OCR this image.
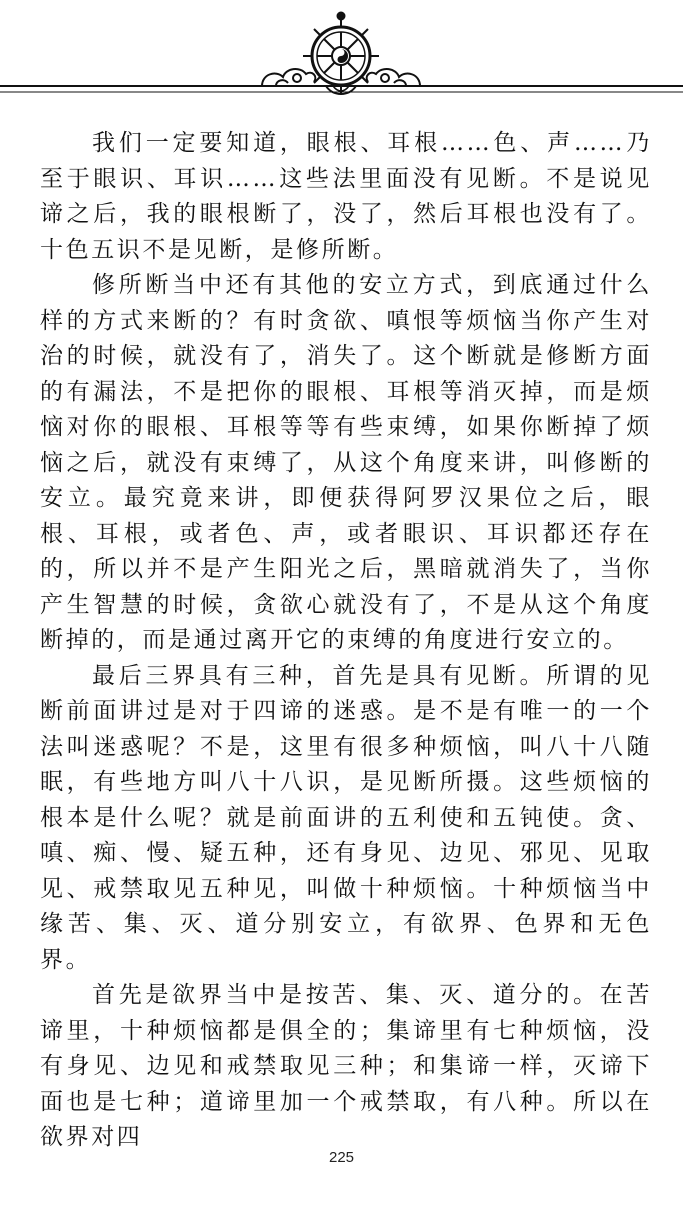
我们一定要知道，眼根、耳根……色、声……乃至于眼识、耳识……这些法里面没有见断。不是说见谛之后，我的眼根断了，没了，然后耳根也没有了。十色五识不是见断，是修所断。

修所断当中还有其他的安立方式，到底通过什么样的方式来断的？有时贪欲、嗔恨等烦恼当你产生对治的时候，就没有了，消失了。这个断就是修断方面的有漏法，不是把你的眼根、耳根等消灭掉，而是烦恼对你的眼根、耳根等等有些束缚，如果你断掉了烦恼之后，就没有束缚了，从这个角度来讲，叫修断的安立。最究竟来讲，即便获得阿罗汉果位之后，眼根、耳根，或者色、声，或者眼识、耳识都还存在的，所以并不是产生阳光之后，黑暗就消失了，当你产生智慧的时候，贪欲心就没有了，不是从这个角度断掉的，而是通过离开它的束缚的角度进行安立的。

最后三界具有三种，首先是具有见断。所谓的见断前面讲过是对于四谛的迷惑。是不是有唯一的一个法叫迷惑呢？不是，这里有很多种烦恼，叫八十八随眠，有些地方叫八十八识，是见断所摄。这些烦恼的根本是什么呢？就是前面讲的五利使和五钝使。贪、嗔、痴、慢、疑五种，还有身见、边见、邪见、见取见、戒禁取见五种见，叫做十种烦恼。十种烦恼当中缘苦、集、灭、道分别安立，有欲界、色界和无色界。

首先是欲界当中是按苦、集、灭、道分的。在苦谛里，十种烦恼都是俱全的；集谛里有七种烦恼，没有身见、边见和戒禁取见三种；和集谛一样，灭谛下面也是七种；道谛里加一个戒禁取，有八种。所以在欲界对四

225
